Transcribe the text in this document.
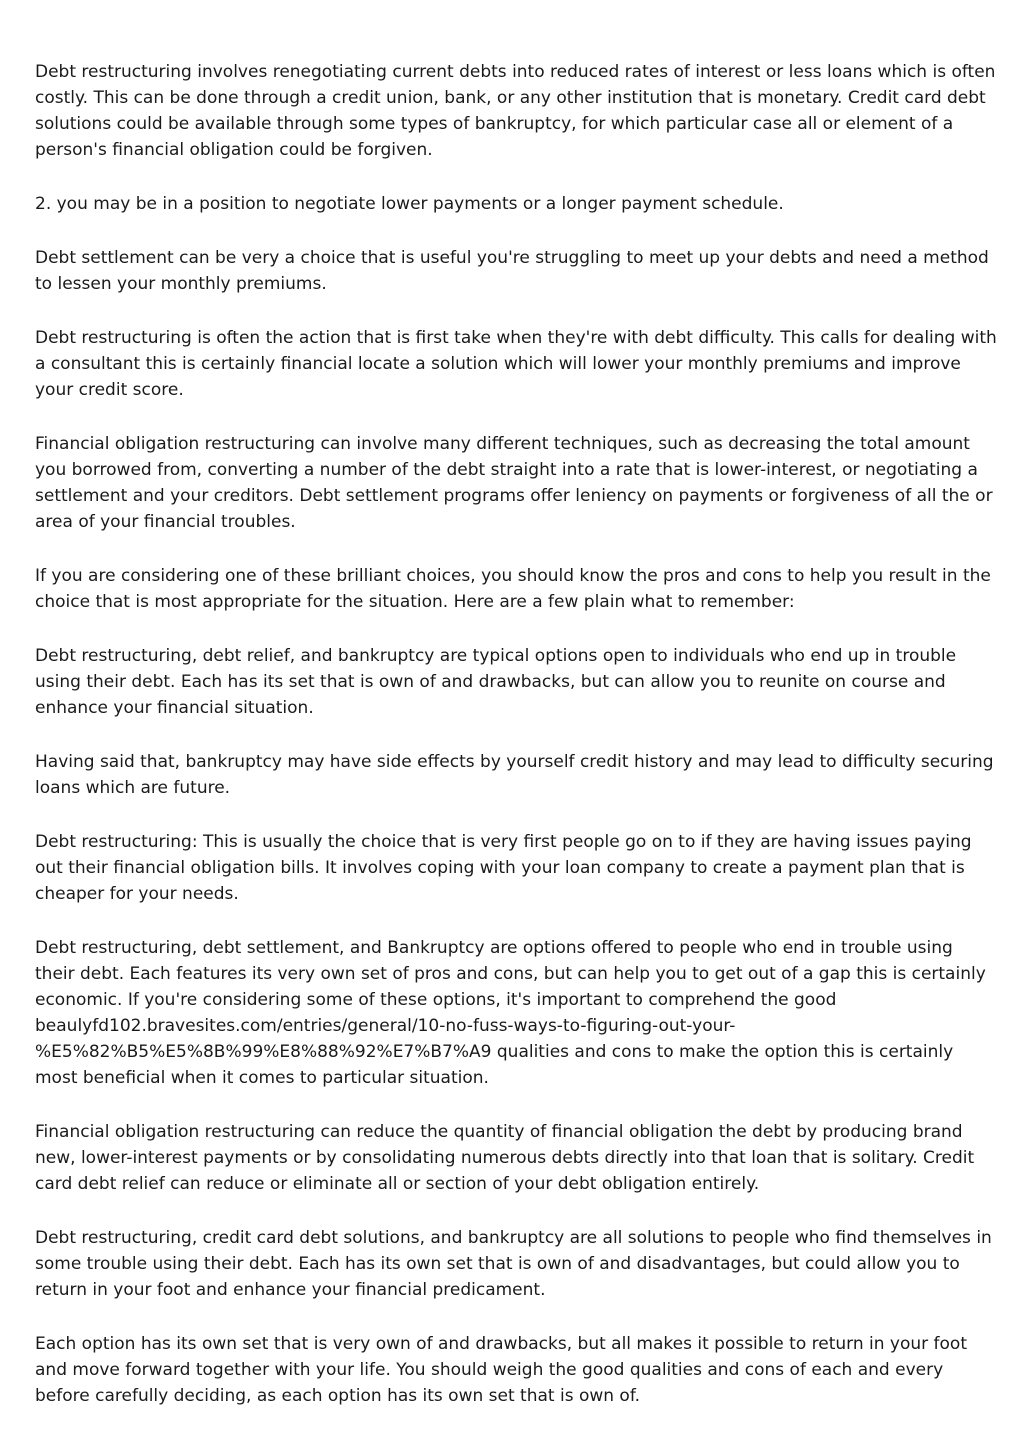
Debt restructuring involves renegotiating current debts into reduced rates of interest or less loans which is often costly. This can be done through a credit union, bank, or any other institution that is monetary. Credit card debt solutions could be available through some types of bankruptcy, for which particular case all or element of a person's financial obligation could be forgiven.

2. you may be in a position to negotiate lower payments or a longer payment schedule.

Debt settlement can be very a choice that is useful you're struggling to meet up your debts and need a method to lessen your monthly premiums.

Debt restructuring is often the action that is first take when they're with debt difficulty. This calls for dealing with a consultant this is certainly financial locate a solution which will lower your monthly premiums and improve your credit score.

Financial obligation restructuring can involve many different techniques, such as decreasing the total amount you borrowed from, converting a number of the debt straight into a rate that is lower-interest, or negotiating a settlement and your creditors. Debt settlement programs offer leniency on payments or forgiveness of all the or area of your financial troubles.

If you are considering one of these brilliant choices, you should know the pros and cons to help you result in the choice that is most appropriate for the situation. Here are a few plain what to remember:

Debt restructuring, debt relief, and bankruptcy are typical options open to individuals who end up in trouble using their debt. Each has its set that is own of and drawbacks, but can allow you to reunite on course and enhance your financial situation.

Having said that, bankruptcy may have side effects by yourself credit history and may lead to difficulty securing loans which are future.

Debt restructuring: This is usually the choice that is very first people go on to if they are having issues paying out their financial obligation bills. It involves coping with your loan company to create a payment plan that is cheaper for your needs.

Debt restructuring, debt settlement, and Bankruptcy are options offered to people who end in trouble using their debt. Each features its very own set of pros and cons, but can help you to get out of a gap this is certainly economic. If you're considering some of these options, it's important to comprehend the good beaulyfd102.bravesites.com/entries/general/10-no-fuss-ways-to-figuring-out-your-%E5%82%B5%E5%8B%99%E8%88%92%E7%B7%A9 qualities and cons to make the option this is certainly most beneficial when it comes to particular situation.

Financial obligation restructuring can reduce the quantity of financial obligation the debt by producing brand new, lower-interest payments or by consolidating numerous debts directly into that loan that is solitary. Credit card debt relief can reduce or eliminate all or section of your debt obligation entirely.

Debt restructuring, credit card debt solutions, and bankruptcy are all solutions to people who find themselves in some trouble using their debt. Each has its own set that is own of and disadvantages, but could allow you to return in your foot and enhance your financial predicament.

Each option has its own set that is very own of and drawbacks, but all makes it possible to return in your foot and move forward together with your life. You should weigh the good qualities and cons of each and every before carefully deciding, as each option has its own set that is own of.
